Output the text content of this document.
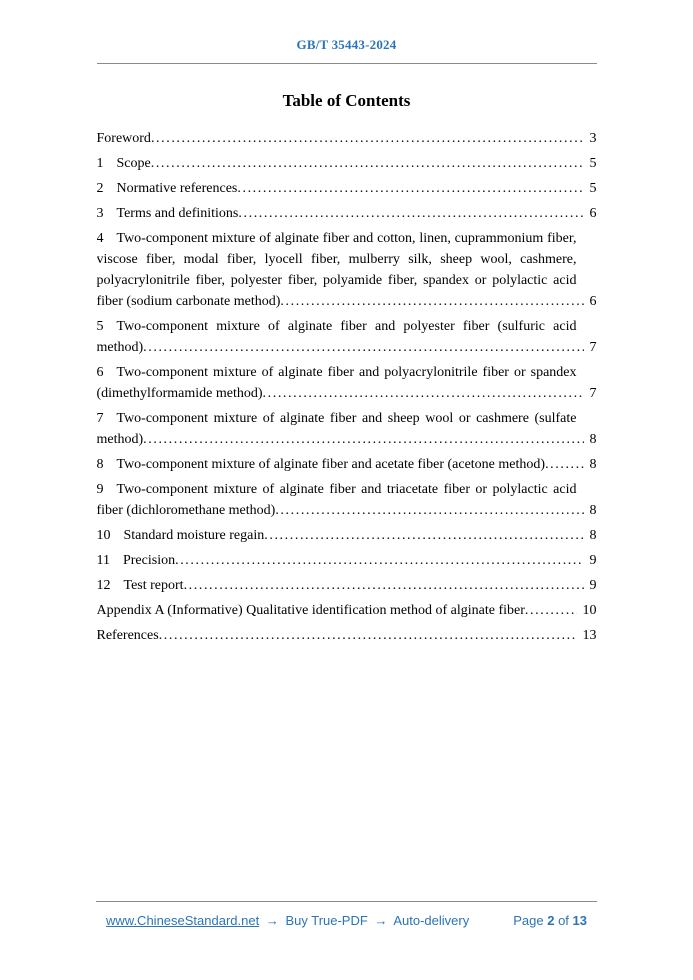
GB/T 35443-2024
Table of Contents

Foreword	3

1 Scope	5

2 Normative references	5

3 Terms and definitions	6

4 Two-component mixture of alginate fiber and cotton, linen, cuprammonium fiber, viscose fiber, modal fiber, lyocell fiber, mulberry silk, sheep wool, cashmere, polyacrylonitrile fiber, polyester fiber, polyamide fiber, spandex or polylactic acid fiber (sodium carbonate method)	6

5 Two-component mixture of alginate fiber and polyester fiber (sulfuric acid method)	7

6 Two-component mixture of alginate fiber and polyacrylonitrile fiber or spandex (dimethylformamide method)	7

7 Two-component mixture of alginate fiber and sheep wool or cashmere (sulfate method)	8

8 Two-component mixture of alginate fiber and acetate fiber (acetone method)	8

9 Two-component mixture of alginate fiber and triacetate fiber or polylactic acid fiber (dichloromethane method)	8

10 Standard moisture regain	8

11 Precision	9

12 Test report	9

Appendix A (Informative) Qualitative identification method of alginate fiber	10

References	13

www.ChineseStandard.net → Buy True-PDF → Auto-delivery	Page 2 of 13
